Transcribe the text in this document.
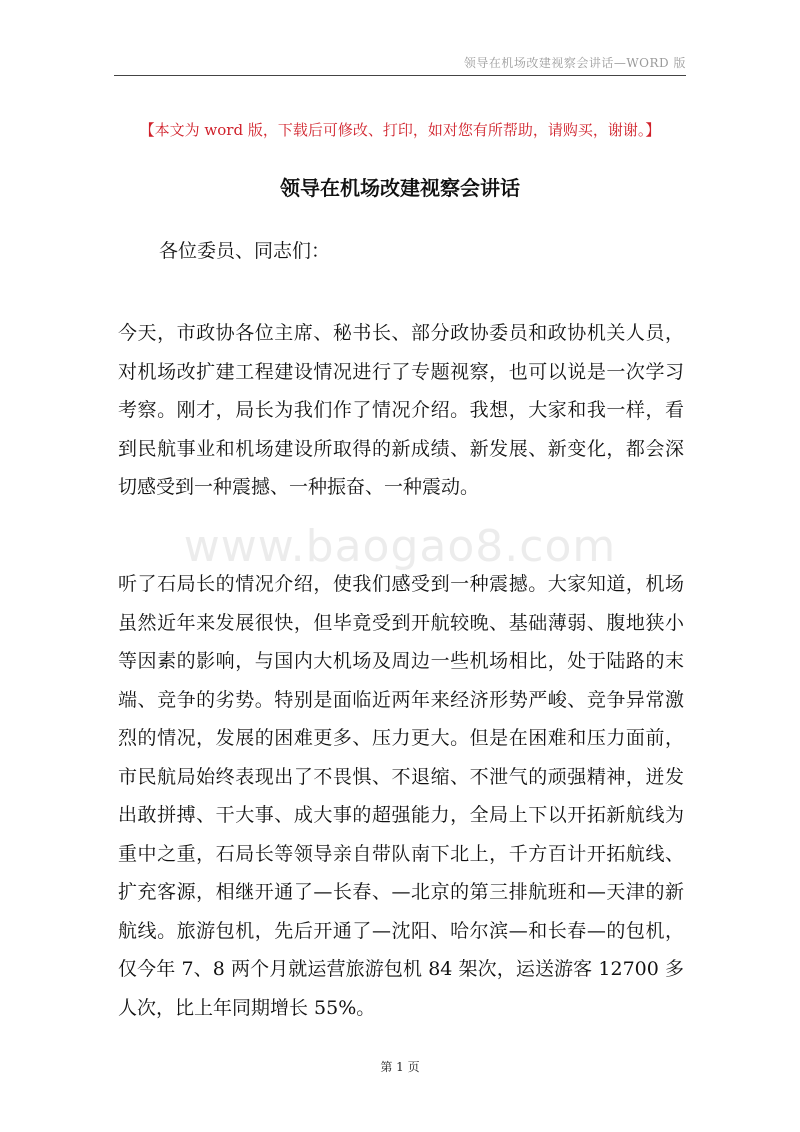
领导在机场改建视察会讲话—WORD 版
【本文为 word 版，下载后可修改、打印，如对您有所帮助，请购买，谢谢。】
领导在机场改建视察会讲话
各位委员、同志们：

今天，市政协各位主席、秘书长、部分政协委员和政协机关人员，对机场改扩建工程建设情况进行了专题视察，也可以说是一次学习考察。刚才，局长为我们作了情况介绍。我想，大家和我一样，看到民航事业和机场建设所取得的新成绩、新发展、新变化，都会深切感受到一种震撼、一种振奋、一种震动。

www.baogao8.com

听了石局长的情况介绍，使我们感受到一种震撼。大家知道，机场虽然近年来发展很快，但毕竟受到开航较晚、基础薄弱、腹地狭小等因素的影响，与国内大机场及周边一些机场相比，处于陆路的末端、竞争的劣势。特别是面临近两年来经济形势严峻、竞争异常激烈的情况，发展的困难更多、压力更大。但是在困难和压力面前，市民航局始终表现出了不畏惧、不退缩、不泄气的顽强精神，迸发出敢拼搏、干大事、成大事的超强能力，全局上下以开拓新航线为重中之重，石局长等领导亲自带队南下北上，千方百计开拓航线、扩充客源，相继开通了—长春、—北京的第三排航班和—天津的新航线。旅游包机，先后开通了—沈阳、哈尔滨—和长春—的包机，仅今年 7、8 两个月就运营旅游包机 84 架次，运送游客 12700 多人次，比上年同期增长 55%。

第 1 页
